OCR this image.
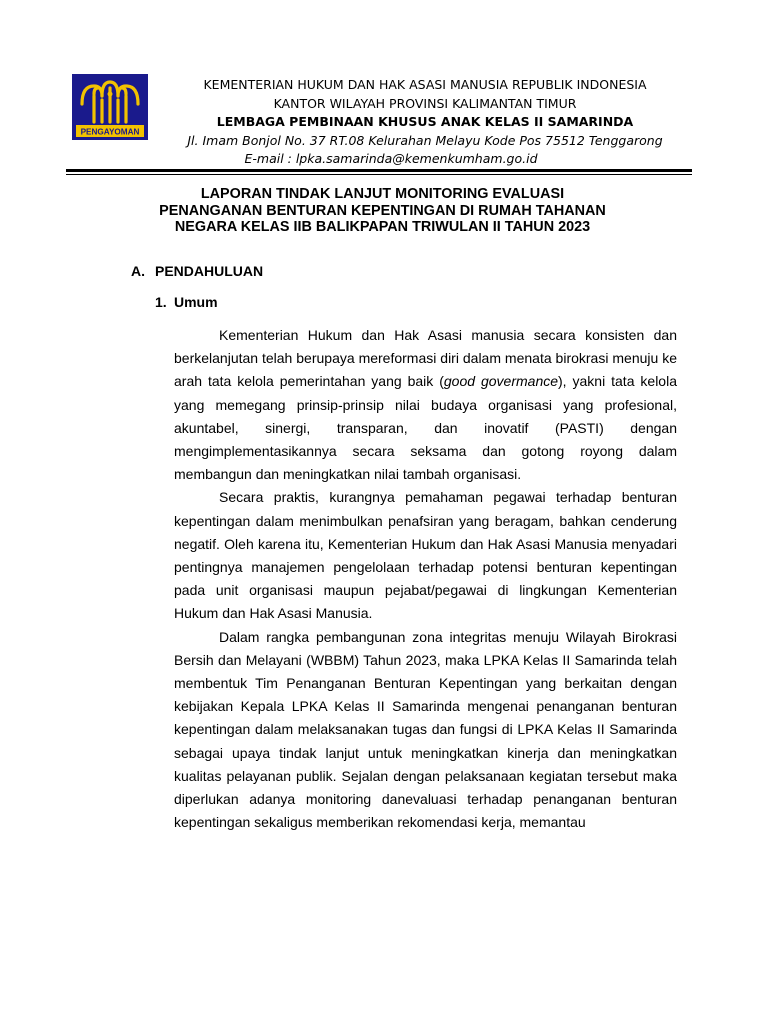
PENGAYOMAN
KEMENTERIAN HUKUM DAN HAK ASASI MANUSIA REPUBLIK INDONESIA
KANTOR WILAYAH PROVINSI KALIMANTAN TIMUR
LEMBAGA PEMBINAAN KHUSUS ANAK KELAS II SAMARINDA
Jl. Imam Bonjol No. 37 RT.08 Kelurahan Melayu Kode Pos 75512 Tenggarong
E-mail : lpka.samarinda@kemenkumham.go.id
LAPORAN TINDAK LANJUT MONITORING EVALUASI
PENANGANAN BENTURAN KEPENTINGAN DI RUMAH TAHANAN
NEGARA KELAS IIB BALIKPAPAN TRIWULAN II TAHUN 2023
A. PENDAHULUAN
1. Umum

Kementerian Hukum dan Hak Asasi manusia secara konsisten dan berkelanjutan telah berupaya mereformasi diri dalam menata birokrasi menuju ke arah tata kelola pemerintahan yang baik (good govermance), yakni tata kelola yang memegang prinsip-prinsip nilai budaya organisasi yang profesional, akuntabel, sinergi, transparan, dan inovatif (PASTI) dengan mengimplementasikannya secara seksama dan gotong royong dalam membangun dan meningkatkan nilai tambah organisasi.

Secara praktis, kurangnya pemahaman pegawai terhadap benturan kepentingan dalam menimbulkan penafsiran yang beragam, bahkan cenderung negatif. Oleh karena itu, Kementerian Hukum dan Hak Asasi Manusia menyadari pentingnya manajemen pengelolaan terhadap potensi benturan kepentingan pada unit organisasi maupun pejabat/pegawai di lingkungan Kementerian Hukum dan Hak Asasi Manusia.

Dalam rangka pembangunan zona integritas menuju Wilayah Birokrasi Bersih dan Melayani (WBBM) Tahun 2023, maka LPKA Kelas II Samarinda telah membentuk Tim Penanganan Benturan Kepentingan yang berkaitan dengan kebijakan Kepala LPKA Kelas II Samarinda mengenai penanganan benturan kepentingan dalam melaksanakan tugas dan fungsi di LPKA Kelas II Samarinda sebagai upaya tindak lanjut untuk meningkatkan kinerja dan meningkatkan kualitas pelayanan publik. Sejalan dengan pelaksanaan kegiatan tersebut maka diperlukan adanya monitoring danevaluasi terhadap penanganan benturan kepentingan sekaligus memberikan rekomendasi kerja, memantau
